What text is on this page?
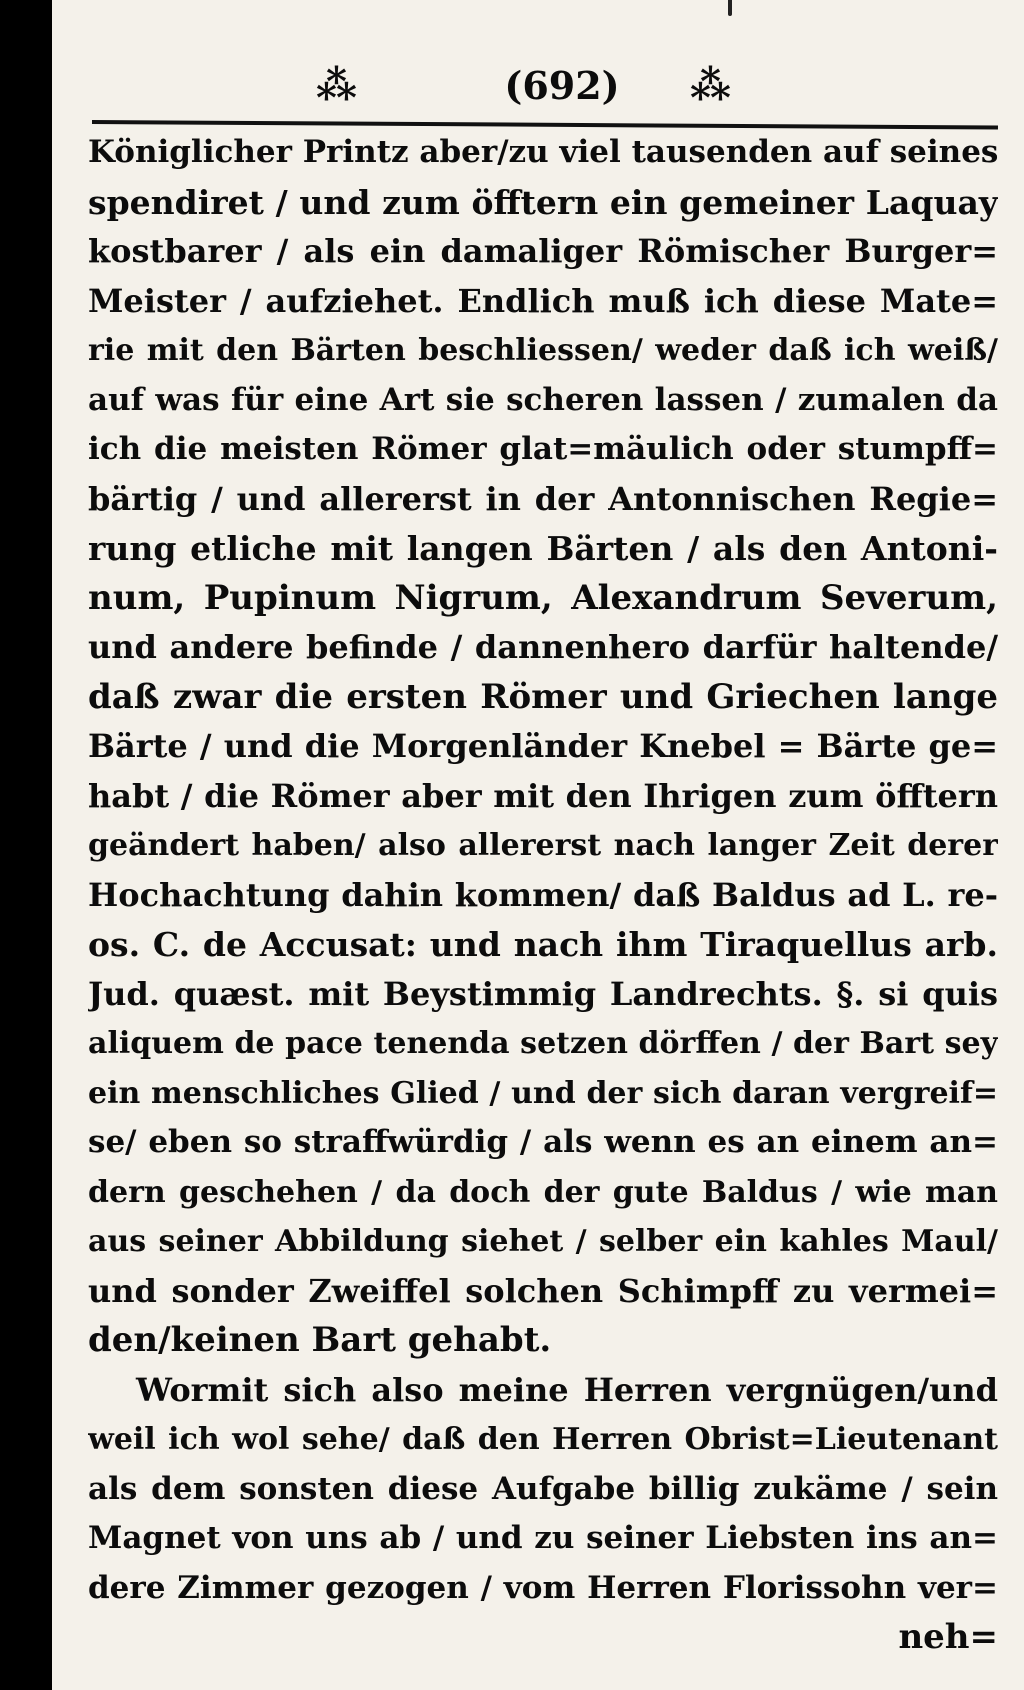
⁂	(692)	⁂
Königlicher Printz aber/zu viel tausenden auf seines
spendiret / und zum öfftern ein gemeiner Laquay
kostbarer / als ein damaliger Römischer Burger=
Meister / aufziehet. Endlich muß ich diese Mate=
rie mit den Bärten beschliessen/ weder daß ich weiß/
auf was für eine Art sie scheren lassen / zumalen da
ich die meisten Römer glat=mäulich oder stumpff=
bärtig / und allererst in der Antonnischen Regie=
rung etliche mit langen Bärten / als den Antoni-
num, Pupinum Nigrum, Alexandrum Severum,
und andere befinde / dannenhero darfür haltende/
daß zwar die ersten Römer und Griechen lange
Bärte / und die Morgenländer Knebel = Bärte ge=
habt / die Römer aber mit den Ihrigen zum öfftern
geändert haben/ also allererst nach langer Zeit derer
Hochachtung dahin kommen/ daß Baldus ad L. re-
os. C. de Accusat: und nach ihm Tiraquellus arb.
Jud. quæst. mit Beystimmig Landrechts. §. si quis
aliquem de pace tenenda setzen dörffen / der Bart sey
ein menschliches Glied / und der sich daran vergreif=
se/ eben so straffwürdig / als wenn es an einem an=
dern geschehen / da doch der gute Baldus / wie man
aus seiner Abbildung siehet / selber ein kahles Maul/
und sonder Zweiffel solchen Schimpff zu vermei=
den/keinen Bart gehabt.
Wormit sich also meine Herren vergnügen/und
weil ich wol sehe/ daß den Herren Obrist=Lieutenant
als dem sonsten diese Aufgabe billig zukäme / sein
Magnet von uns ab / und zu seiner Liebsten ins an=
dere Zimmer gezogen / vom Herren Florissohn ver=
neh=
